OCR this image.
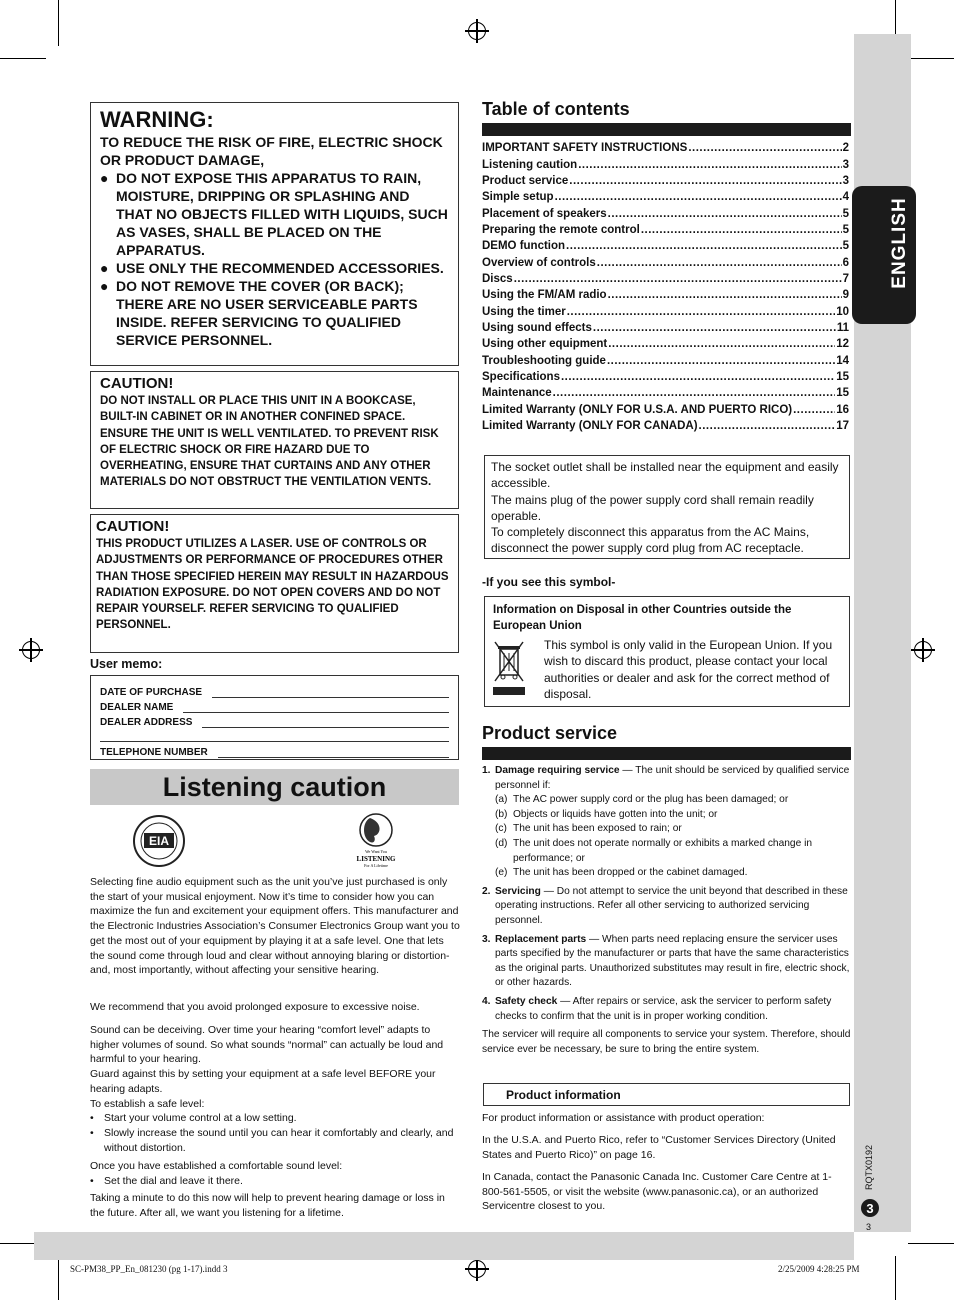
ENGLISH
RQTX0192
3
3
SC-PM38_PP_En_081230 (pg 1-17).indd 3	2/25/2009 4:28:25 PM
WARNING:
TO REDUCE THE RISK OF FIRE, ELECTRIC SHOCK OR PRODUCT DAMAGE,
● DO NOT EXPOSE THIS APPARATUS TO RAIN, MOISTURE, DRIPPING OR SPLASHING AND THAT NO OBJECTS FILLED WITH LIQUIDS, SUCH AS VASES, SHALL BE PLACED ON THE APPARATUS.
● USE ONLY THE RECOMMENDED ACCESSORIES.
● DO NOT REMOVE THE COVER (OR BACK); THERE ARE NO USER SERVICEABLE PARTS INSIDE. REFER SERVICING TO QUALIFIED SERVICE PERSONNEL.
CAUTION!
DO NOT INSTALL OR PLACE THIS UNIT IN A BOOKCASE, BUILT-IN CABINET OR IN ANOTHER CONFINED SPACE. ENSURE THE UNIT IS WELL VENTILATED. TO PREVENT RISK OF ELECTRIC SHOCK OR FIRE HAZARD DUE TO OVERHEATING, ENSURE THAT CURTAINS AND ANY OTHER MATERIALS DO NOT OBSTRUCT THE VENTILATION VENTS.
CAUTION!
THIS PRODUCT UTILIZES A LASER. USE OF CONTROLS OR ADJUSTMENTS OR PERFORMANCE OF PROCEDURES OTHER THAN THOSE SPECIFIED HEREIN MAY RESULT IN HAZARDOUS RADIATION EXPOSURE. DO NOT OPEN COVERS AND DO NOT REPAIR YOURSELF. REFER SERVICING TO QUALIFIED PERSONNEL.
User memo:
DATE OF PURCHASE
DEALER NAME
DEALER ADDRESS
TELEPHONE NUMBER
Listening caution
EIA
We Want You
LISTENING
For A Lifetime
Selecting fine audio equipment such as the unit you’ve just purchased is only the start of your musical enjoyment. Now it’s time to consider how you can maximize the fun and excitement your equipment offers. This manufacturer and the Electronic Industries Association’s Consumer Electronics Group want you to get the most out of your equipment by playing it at a safe level. One that lets the sound come through loud and clear without annoying blaring or distortion-and, most importantly, without affecting your sensitive hearing.
We recommend that you avoid prolonged exposure to excessive noise.
Sound can be deceiving. Over time your hearing “comfort level” adapts to higher volumes of sound. So what sounds “normal” can actually be loud and harmful to your hearing.
Guard against this by setting your equipment at a safe level BEFORE your hearing adapts.
To establish a safe level:
• Start your volume control at a low setting.
• Slowly increase the sound until you can hear it comfortably and clearly, and without distortion.
Once you have established a comfortable sound level:
• Set the dial and leave it there.
Taking a minute to do this now will help to prevent hearing damage or loss in the future. After all, we want you listening for a lifetime.
Table of contents
IMPORTANT SAFETY INSTRUCTIONS .....	2
Listening caution .....	3
Product service .....	3
Simple setup .....	4
Placement of speakers .....	5
Preparing the remote control .....	5
DEMO function .....	5
Overview of controls .....	6
Discs .....	7
Using the FM/AM radio .....	9
Using the timer .....	10
Using sound effects .....	11
Using other equipment .....	12
Troubleshooting guide .....	14
Specifications .....	15
Maintenance .....	15
Limited Warranty (ONLY FOR U.S.A. AND PUERTO RICO) .....	16
Limited Warranty (ONLY FOR CANADA) .....	17
The socket outlet shall be installed near the equipment and easily accessible.
The mains plug of the power supply cord shall remain readily operable.
To completely disconnect this apparatus from the AC Mains, disconnect the power supply cord plug from AC receptacle.
-If you see this symbol-
Information on Disposal in other Countries outside the European Union
This symbol is only valid in the European Union. If you wish to discard this product, please contact your local authorities or dealer and ask for the correct method of disposal.
Product service
1. Damage requiring service — The unit should be serviced by qualified service personnel if:
(a) The AC power supply cord or the plug has been damaged; or
(b) Objects or liquids have gotten into the unit; or
(c) The unit has been exposed to rain; or
(d) The unit does not operate normally or exhibits a marked change in performance; or
(e) The unit has been dropped or the cabinet damaged.
2. Servicing — Do not attempt to service the unit beyond that described in these operating instructions. Refer all other servicing to authorized servicing personnel.
3. Replacement parts — When parts need replacing ensure the servicer uses parts specified by the manufacturer or parts that have the same characteristics as the original parts. Unauthorized substitutes may result in fire, electric shock, or other hazards.
4. Safety check — After repairs or service, ask the servicer to perform safety checks to confirm that the unit is in proper working condition.
The servicer will require all components to service your system. Therefore, should service ever be necessary, be sure to bring the entire system.
Product information
For product information or assistance with product operation:
In the U.S.A. and Puerto Rico, refer to “Customer Services Directory (United States and Puerto Rico)” on page 16.
In Canada, contact the Panasonic Canada Inc. Customer Care Centre at 1-800-561-5505, or visit the website (www.panasonic.ca), or an authorized Servicentre closest to you.
